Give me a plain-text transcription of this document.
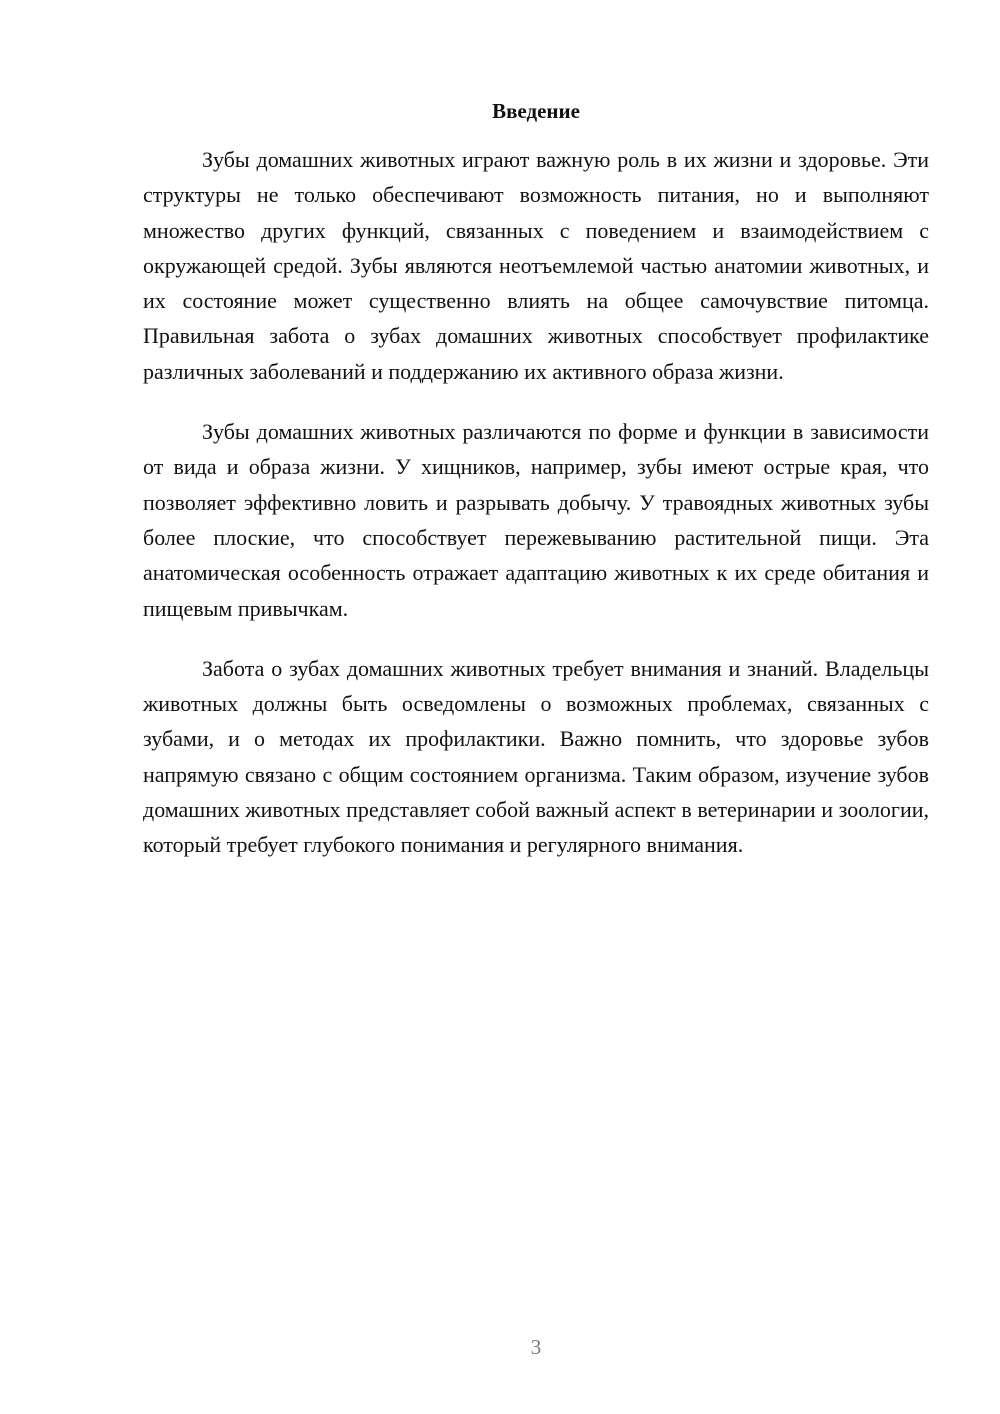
Введение

Зубы домашних животных играют важную роль в их жизни и здоровье. Эти структуры не только обеспечивают возможность питания, но и выполняют множество других функций, связанных с поведением и взаимодействием с окружающей средой. Зубы являются неотъемлемой частью анатомии животных, и их состояние может существенно влиять на общее самочувствие питомца. Правильная забота о зубах домашних животных способствует профилактике различных заболеваний и поддержанию их активного образа жизни.

Зубы домашних животных различаются по форме и функции в зависимости от вида и образа жизни. У хищников, например, зубы имеют острые края, что позволяет эффективно ловить и разрывать добычу. У травоядных животных зубы более плоские, что способствует пережевыванию растительной пищи. Эта анатомическая особенность отражает адаптацию животных к их среде обитания и пищевым привычкам.

Забота о зубах домашних животных требует внимания и знаний. Владельцы животных должны быть осведомлены о возможных проблемах, связанных с зубами, и о методах их профилактики. Важно помнить, что здоровье зубов напрямую связано с общим состоянием организма. Таким образом, изучение зубов домашних животных представляет собой важный аспект в ветеринарии и зоологии, который требует глубокого понимания и регулярного внимания.

3
